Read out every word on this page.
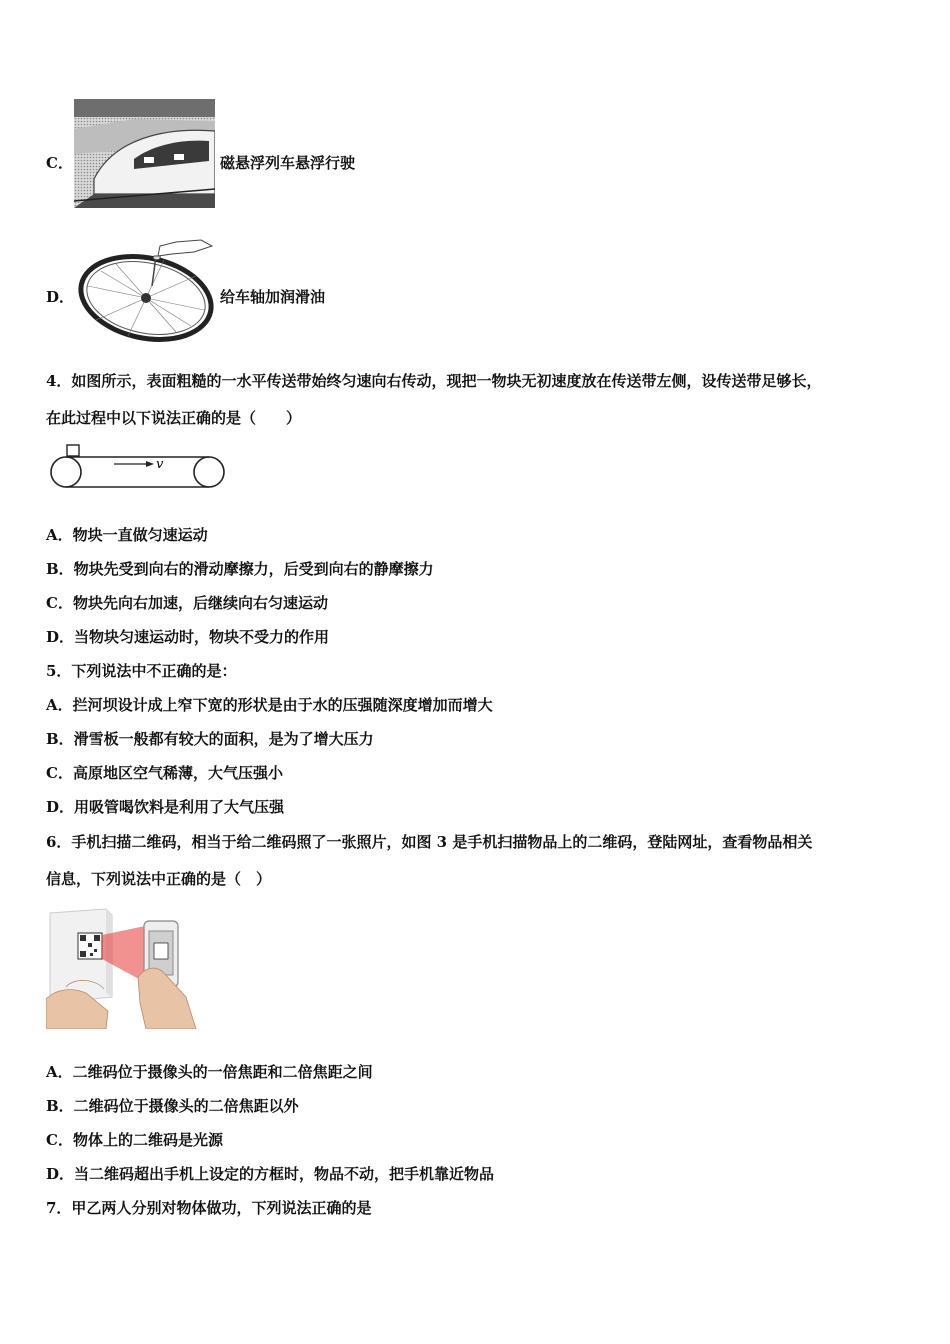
C．	磁悬浮列车悬浮行驶
D．	给车轴加润滑油
4．如图所示，表面粗糙的一水平传送带始终匀速向右传动，现把一物块无初速度放在传送带左侧，设传送带足够长，
在此过程中以下说法正确的是（　　）
v
A．物块一直做匀速运动
B．物块先受到向右的滑动摩擦力，后受到向右的静摩擦力
C．物块先向右加速，后继续向右匀速运动
D．当物块匀速运动时，物块不受力的作用
5．下列说法中不正确的是：
A．拦河坝设计成上窄下宽的形状是由于水的压强随深度增加而增大
B．滑雪板一般都有较大的面积，是为了增大压力
C．高原地区空气稀薄，大气压强小
D．用吸管喝饮料是利用了大气压强
6．手机扫描二维码，相当于给二维码照了一张照片，如图 3 是手机扫描物品上的二维码，登陆网址，查看物品相关
信息，下列说法中正确的是（　）
A．二维码位于摄像头的一倍焦距和二倍焦距之间
B．二维码位于摄像头的二倍焦距以外
C．物体上的二维码是光源
D．当二维码超出手机上设定的方框时，物品不动，把手机靠近物品
7．甲乙两人分别对物体做功，下列说法正确的是
